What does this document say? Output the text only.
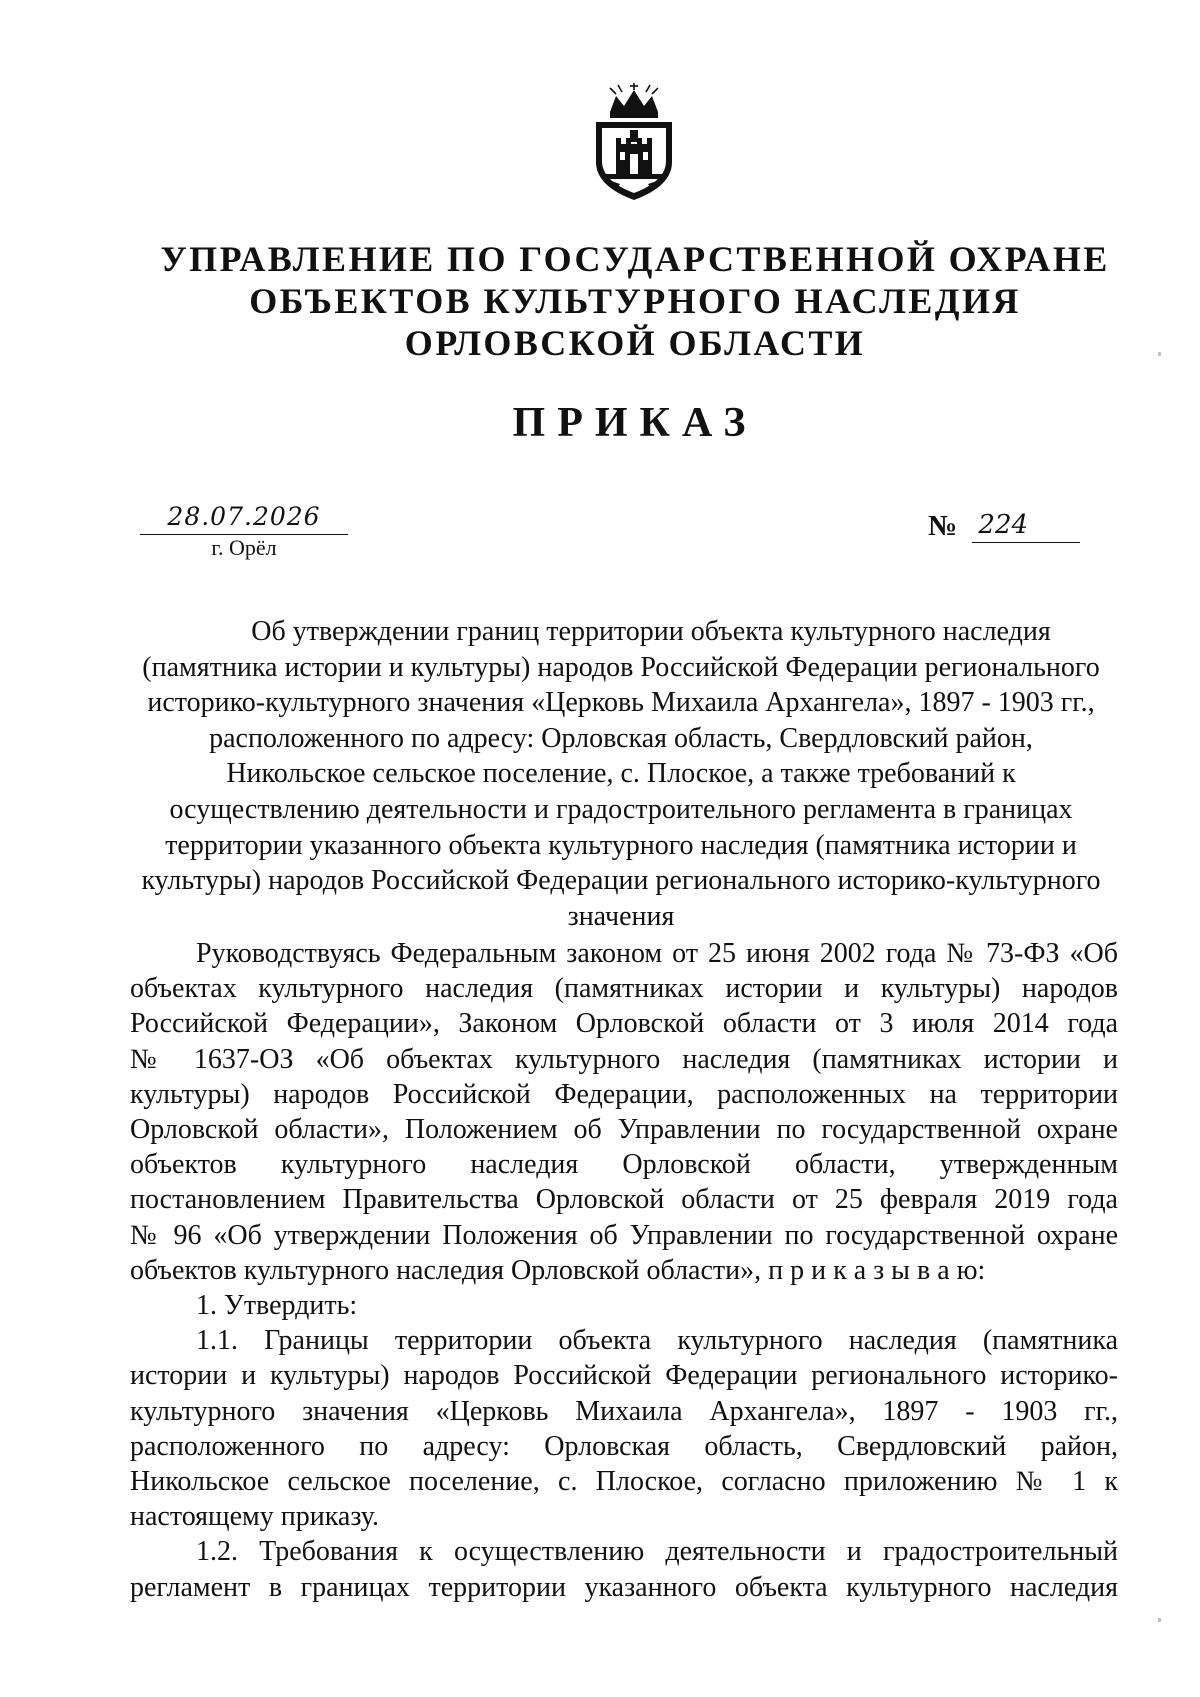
УПРАВЛЕНИЕ ПО ГОСУДАРСТВЕННОЙ ОХРАНЕ
ОБЪЕКТОВ КУЛЬТУРНОГО НАСЛЕДИЯ
ОРЛОВСКОЙ ОБЛАСТИ
ПРИКАЗ
28.07.2026
г. Орёл
№ 224
Об утверждении границ территории объекта культурного наследия
(памятника истории и культуры) народов Российской Федерации регионального
историко-культурного значения «Церковь Михаила Архангела», 1897 - 1903 гг.,
расположенного по адресу: Орловская область, Свердловский район,
Никольское сельское поселение, с. Плоское, а также требований к
осуществлению деятельности и градостроительного регламента в границах
территории указанного объекта культурного наследия (памятника истории и
культуры) народов Российской Федерации регионального историко-культурного
значения
Руководствуясь Федеральным законом от 25 июня 2002 года № 73-ФЗ «Об
объектах культурного наследия (памятниках истории и культуры) народов
Российской Федерации», Законом Орловской области от 3 июля 2014 года
№ 1637-ОЗ «Об объектах культурного наследия (памятниках истории и
культуры) народов Российской Федерации, расположенных на территории
Орловской области», Положением об Управлении по государственной охране
объектов культурного наследия Орловской области, утвержденным
постановлением Правительства Орловской области от 25 февраля 2019 года
№ 96 «Об утверждении Положения об Управлении по государственной охране
объектов культурного наследия Орловской области», п р и к а з ы в а ю:
1. Утвердить:
1.1. Границы территории объекта культурного наследия (памятника
истории и культуры) народов Российской Федерации регионального историко-
культурного значения «Церковь Михаила Архангела», 1897 - 1903 гг.,
расположенного по адресу: Орловская область, Свердловский район,
Никольское сельское поселение, с. Плоское, согласно приложению № 1 к
настоящему приказу.
1.2. Требования к осуществлению деятельности и градостроительный
регламент в границах территории указанного объекта культурного наследия
